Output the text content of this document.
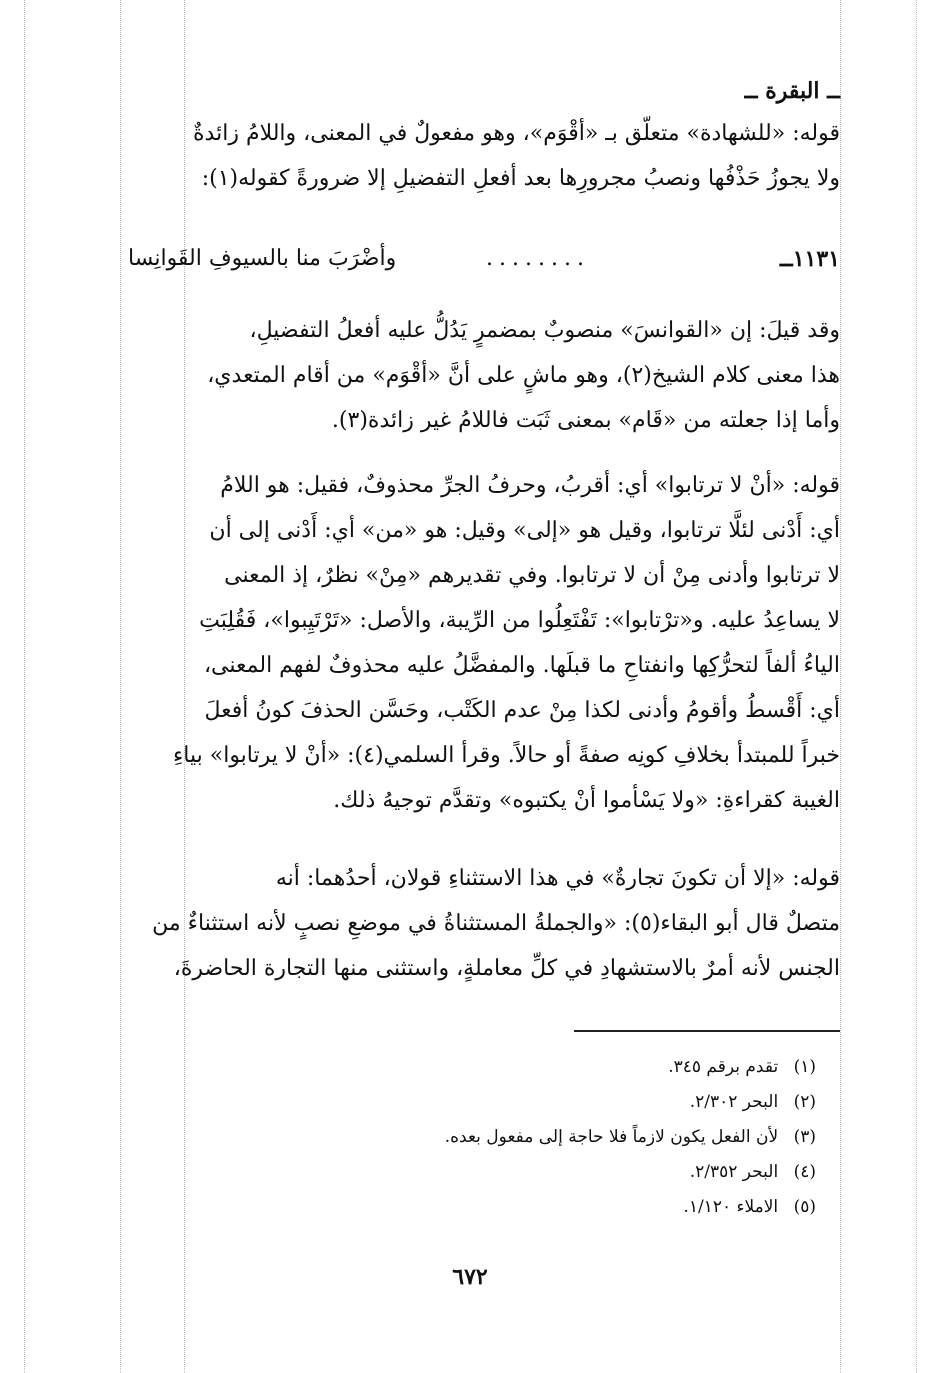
ــ البقرة ــ
قوله: «للشهادة» متعلّق بـ «أقْوَم»، وهو مفعولٌ في المعنى، واللامُ زائدةٌ
ولا يجوزُ حَذْفُها ونصبُ مجرورِها بعد أفعلِ التفضيلِ إلا ضرورةً كقوله(١):
١١٣١ــ
........
وأضْرَبَ منا بالسيوفِ القَوانِسا
وقد قيلَ: إن «القوانسَ» منصوبٌ بمضمرٍ يَدُلُّ عليه أفعلُ التفضيلِ،
هذا معنى كلام الشيخ(٢)، وهو ماشٍ على أنَّ «أقْوَم» من أقام المتعدي،
وأما إذا جعلته من «قَام» بمعنى ثَبَت فاللامُ غير زائدة(٣).
قوله: «أنْ لا ترتابوا» أي: أقربُ، وحرفُ الجرِّ محذوفٌ، فقيل: هو اللامُ
أي: أَدْنى لئلَّا ترتابوا، وقيل هو «إلى» وقيل: هو «من» أي: أَدْنى إلى أن
لا ترتابوا وأدنى مِنْ أن لا ترتابوا. وفي تقديرهم «مِنْ» نظرٌ، إذ المعنى
لا يساعِدُ عليه. و«ترْتابوا»: تَفْتَعِلُوا من الرِّيبة، والأصل: «تَرْتَيِبوا»، فَقُلِبَتِ
الياءُ ألفاً لتحرُّكِها وانفتاحِ ما قبلَها. والمفضَّلُ عليه محذوفٌ لفهم المعنى،
أي: أَقْسطُ وأقومُ وأدنى لكذا مِنْ عدم الكَتْب، وحَسَّن الحذفَ كونُ أفعلَ
خبراً للمبتدأ بخلافِ كونِه صفةً أو حالاً. وقرأ السلمي(٤): «أنْ لا يرتابوا» بياءِ
الغيبة كقراءةِ: «ولا يَسْأموا أنْ يكتبوه» وتقدَّم توجيهُ ذلك.
قوله: «إلا أن تكونَ تجارةٌ» في هذا الاستثناءِ قولان، أحدُهما: أنه
متصلٌ قال أبو البقاء(٥): «والجملةُ المستثناةُ في موضعِ نصبٍ لأنه استثناءٌ من
الجنس لأنه أمرٌ بالاستشهادِ في كلِّ معاملةٍ، واستثنى منها التجارة الحاضرةَ،
(١) تقدم برقم ٣٤٥.
(٢) البحر ٢/٣٠٢.
(٣) لأن الفعل يكون لازماً فلا حاجة إلى مفعول بعده.
(٤) البحر ٢/٣٥٢.
(٥) الاملاء ١/١٢٠.
٦٧٢
